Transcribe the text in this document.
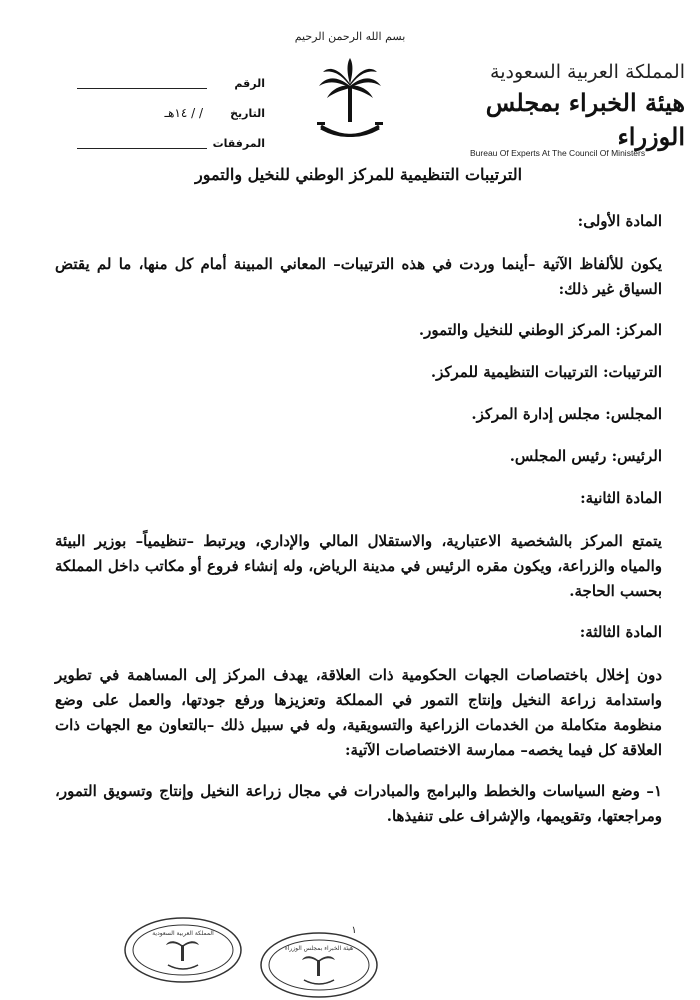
بسم الله الرحمن الرحيم
المملكة العربية السعودية
هيئة الخبراء بمجلس الوزراء
Bureau Of Experts At The Council Of Ministers
الرقم
التاريخ
/ / ١٤هـ
المرفقات
الترتيبات التنظيمية للمركز الوطني للنخيل والتمور
المادة الأولى:
يكون للألفاظ الآتية –أينما وردت في هذه الترتيبات– المعاني المبينة أمام كل منها، ما لم يقتض السياق غير ذلك:
المركز: المركز الوطني للنخيل والتمور.
الترتيبات: الترتيبات التنظيمية للمركز.
المجلس: مجلس إدارة المركز.
الرئيس: رئيس المجلس.
المادة الثانية:
يتمتع المركز بالشخصية الاعتبارية، والاستقلال المالي والإداري، ويرتبط –تنظيمياً– بوزير البيئة والمياه والزراعة، ويكون مقره الرئيس في مدينة الرياض، وله إنشاء فروع أو مكاتب داخل المملكة بحسب الحاجة.
المادة الثالثة:
دون إخلال باختصاصات الجهات الحكومية ذات العلاقة، يهدف المركز إلى المساهمة في تطوير واستدامة زراعة النخيل وإنتاج التمور في المملكة وتعزيزها ورفع جودتها، والعمل على وضع منظومة متكاملة من الخدمات الزراعية والتسويقية، وله في سبيل ذلك –بالتعاون مع الجهات ذات العلاقة كل فيما يخصه– ممارسة الاختصاصات الآتية:
١– وضع السياسات والخطط والبرامج والمبادرات في مجال زراعة النخيل وإنتاج وتسويق التمور، ومراجعتها، وتقويمها، والإشراف على تنفيذها.
١
المملكة العربية السعودية
هيئة الخبراء بمجلس الوزراء
